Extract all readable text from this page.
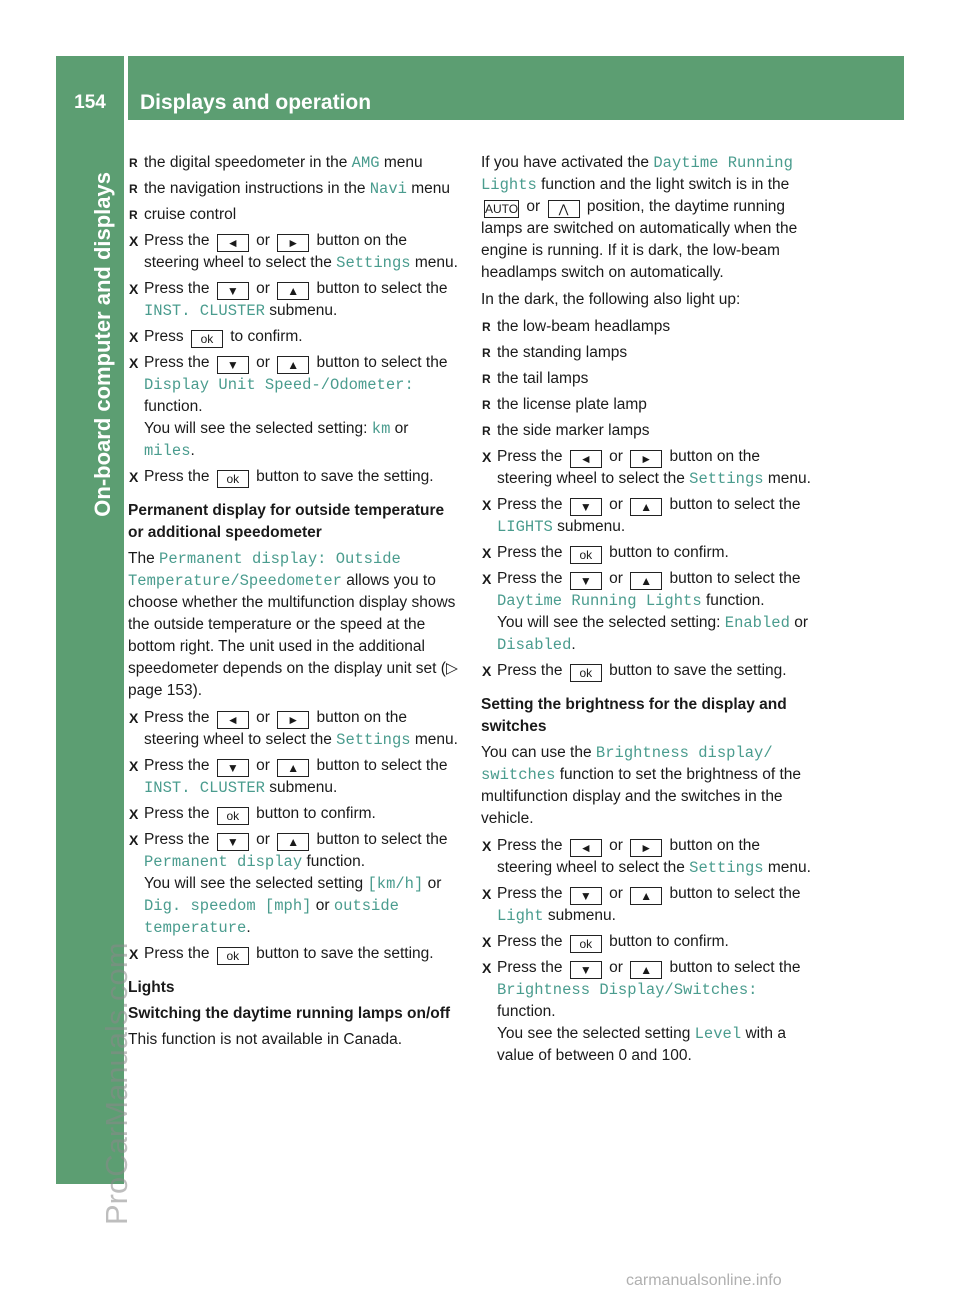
154	Displays and operation
On-board computer and displays
ProCarManuals.com
carmanualsonline.info
R the digital speedometer in the AMG menu
R the navigation instructions in the Navi menu
R cruise control
X Press the ◄ or ► button on the steering wheel to select the Settings menu.
X Press the ▼ or ▲ button to select the INST. CLUSTER submenu.
X Press ok to confirm.
X Press the ▼ or ▲ button to select the Display Unit Speed-/Odometer: function.
You will see the selected setting: km or miles.
X Press the ok button to save the setting.

Permanent display for outside temperature or additional speedometer

The Permanent display: Outside Temperature/Speedometer allows you to choose whether the multifunction display shows the outside temperature or the speed at the bottom right. The unit used in the additional speedometer depends on the display unit set (▷ page 153).

X Press the ◄ or ► button on the steering wheel to select the Settings menu.
X Press the ▼ or ▲ button to select the INST. CLUSTER submenu.
X Press the ok button to confirm.
X Press the ▼ or ▲ button to select the Permanent display function.
You will see the selected setting [km/h] or Dig. speedom [mph] or outside temperature.
X Press the ok button to save the setting.

Lights

Switching the daytime running lamps on/off

This function is not available in Canada.

If you have activated the Daytime Running Lights function and the light switch is in the AUTO or ⋀ position, the daytime running lamps are switched on automatically when the engine is running. If it is dark, the low-beam headlamps switch on automatically.

In the dark, the following also light up:

R the low-beam headlamps
R the standing lamps
R the tail lamps
R the license plate lamp
R the side marker lamps
X Press the ◄ or ► button on the steering wheel to select the Settings menu.
X Press the ▼ or ▲ button to select the LIGHTS submenu.
X Press the ok button to confirm.
X Press the ▼ or ▲ button to select the Daytime Running Lights function.
You will see the selected setting: Enabled or Disabled.
X Press the ok button to save the setting.

Setting the brightness for the display and switches

You can use the Brightness display/ switches function to set the brightness of the multifunction display and the switches in the vehicle.

X Press the ◄ or ► button on the steering wheel to select the Settings menu.
X Press the ▼ or ▲ button to select the Light submenu.
X Press the ok button to confirm.
X Press the ▼ or ▲ button to select the Brightness Display/Switches: function.
You see the selected setting Level with a value of between 0 and 100.
